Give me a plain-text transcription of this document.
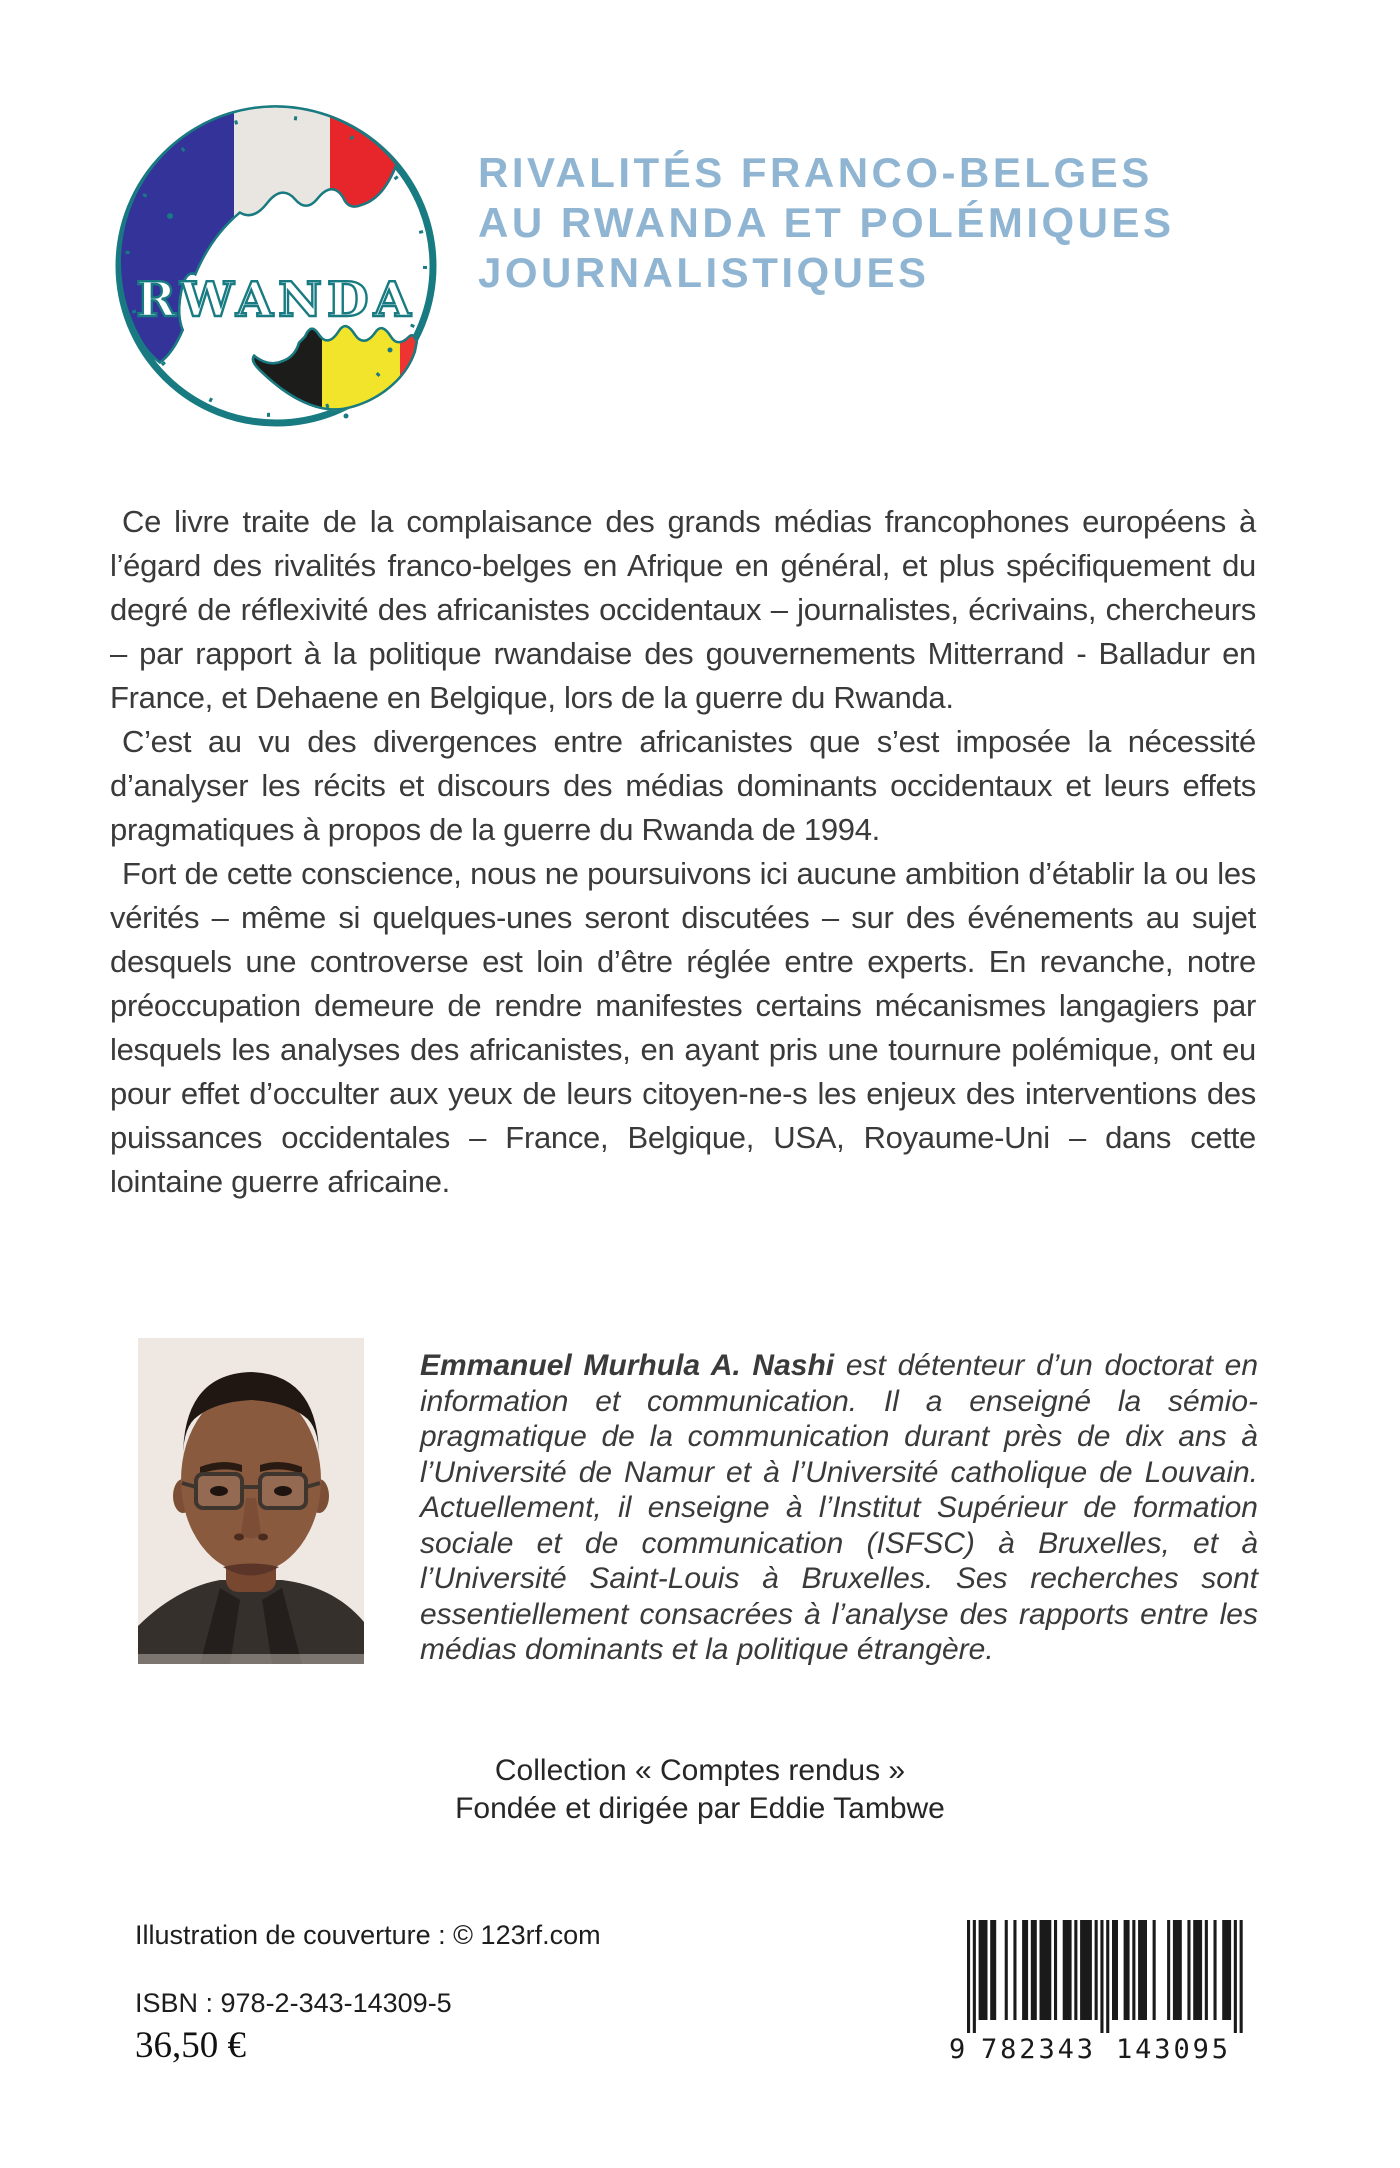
RWANDA
RIVALITÉS FRANCO-BELGES
AU RWANDA ET POLÉMIQUES
JOURNALISTIQUES

Ce livre traite de la complaisance des grands médias francophones européens à l’égard des rivalités franco-belges en Afrique en général, et plus spécifiquement du degré de réflexivité des africanistes occidentaux – journalistes, écrivains, chercheurs – par rapport à la politique rwandaise des gouvernements Mitterrand - Balladur en France, et Dehaene en Belgique, lors de la guerre du Rwanda.

C’est au vu des divergences entre africanistes que s’est imposée la nécessité d’analyser les récits et discours des médias dominants occidentaux et leurs effets pragmatiques à propos de la guerre du Rwanda de 1994.

Fort de cette conscience, nous ne poursuivons ici aucune ambition d’établir la ou les vérités – même si quelques-unes seront discutées – sur des événements au sujet desquels une controverse est loin d’être réglée entre experts. En revanche, notre préoccupation demeure de rendre manifestes certains mécanismes langagiers par lesquels les analyses des africanistes, en ayant pris une tournure polémique, ont eu pour effet d’occulter aux yeux de leurs citoyen-ne-s les enjeux des interventions des puissances occidentales – France, Belgique, USA, Royaume-Uni – dans cette lointaine guerre africaine.

Emmanuel Murhula A. Nashi est détenteur d’un doctorat en information et communication. Il a enseigné la sémio-pragmatique de la communication durant près de dix ans à l’Université de Namur et à l’Université catholique de Louvain. Actuellement, il enseigne à l’Institut Supérieur de formation sociale et de communication (ISFSC) à Bruxelles, et à l’Université Saint-Louis à Bruxelles. Ses recherches sont essentiellement consacrées à l’analyse des rapports entre les médias dominants et la politique étrangère.
Collection « Comptes rendus »
Fondée et dirigée par Eddie Tambwe
Illustration de couverture : © 123rf.com
ISBN : 978-2-343-14309-5
36,50 €	9 782343 143095
